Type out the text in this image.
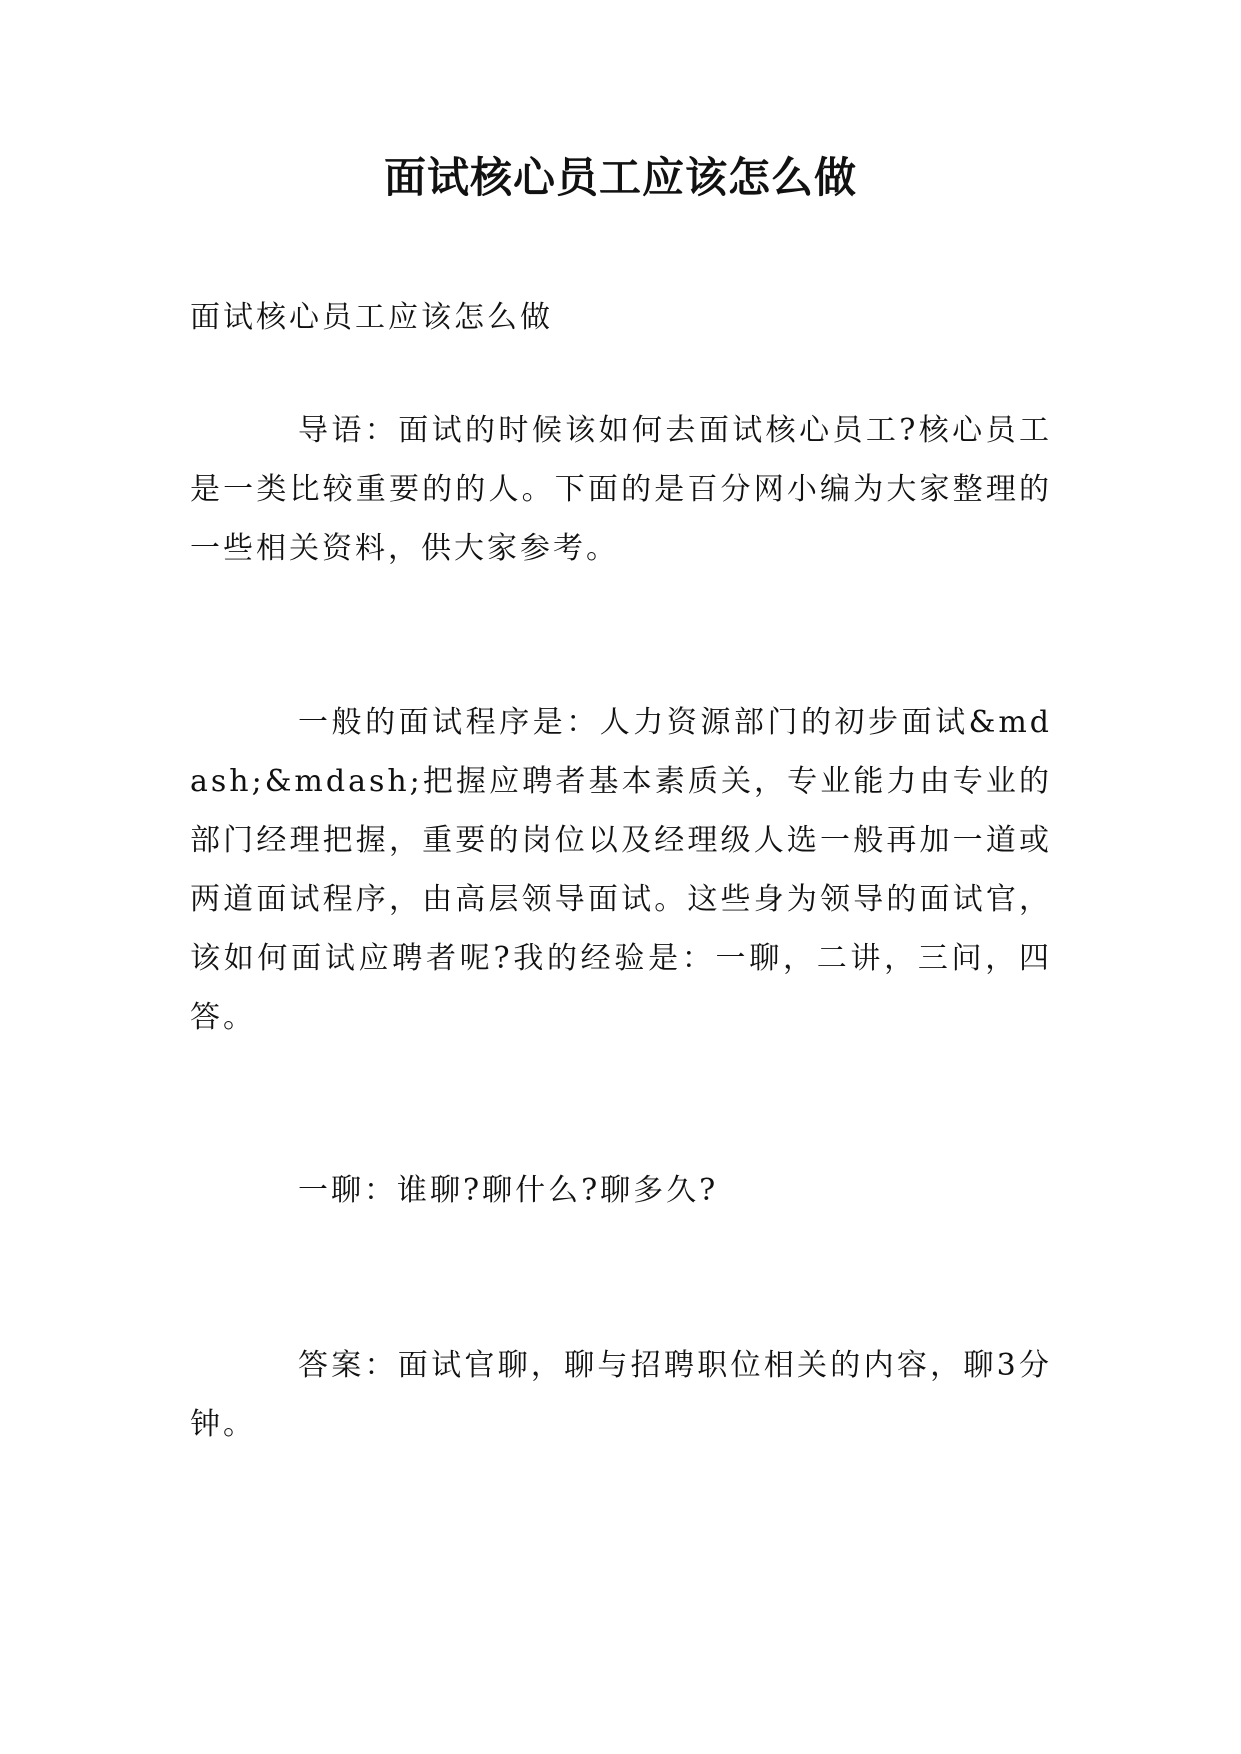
面试核心员工应该怎么做

面试核心员工应该怎么做

导语：面试的时候该如何去面试核心员工?核心员工是一类比较重要的的人。下面的是百分网小编为大家整理的一些相关资料，供大家参考。

一般的面试程序是：人力资源部门的初步面试&mdash;&mdash;把握应聘者基本素质关，专业能力由专业的部门经理把握，重要的岗位以及经理级人选一般再加一道或两道面试程序，由高层领导面试。这些身为领导的面试官，该如何面试应聘者呢?我的经验是：一聊，二讲，三问，四答。

一聊：谁聊?聊什么?聊多久?

答案：面试官聊，聊与招聘职位相关的内容，聊3分钟。
